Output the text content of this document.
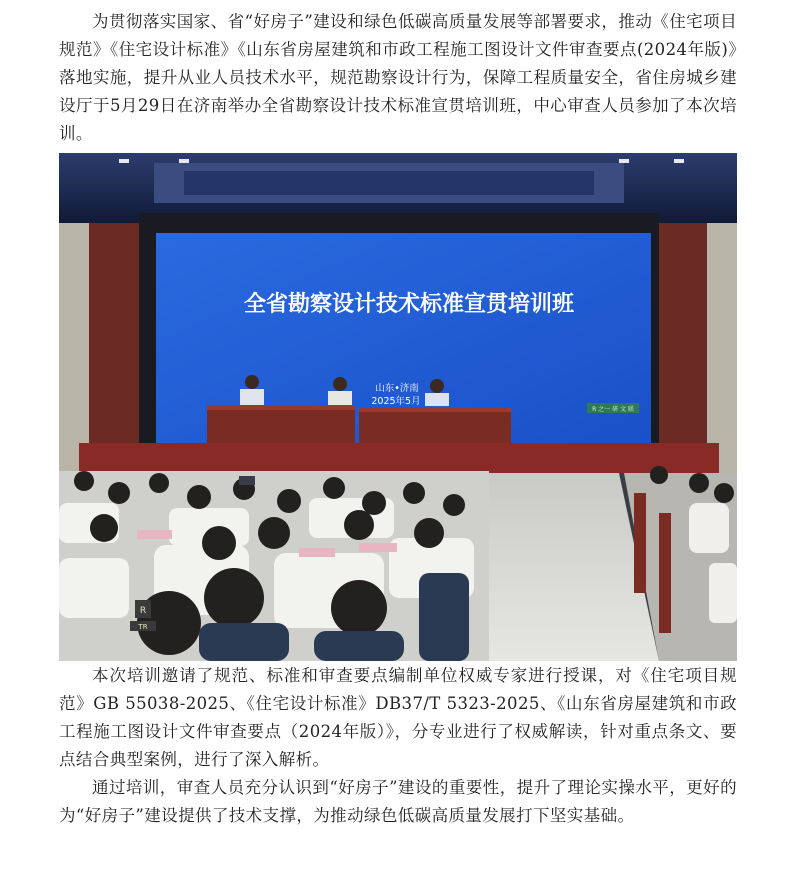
为贯彻落实国家、省“好房子”建设和绿色低碳高质量发展等部署要求，推动《住宅项目规范》《住宅设计标准》《山东省房屋建筑和市政工程施工图设计文件审查要点(2024年版)》落地实施，提升从业人员技术水平，规范勘察设计行为，保障工程质量安全，省住房城乡建设厅于5月29日在济南举办全省勘察设计技术标准宣贯培训班，中心审查人员参加了本次培训。

全省勘察设计技术标准宣贯培训班
山东•济南
2025年5月
R 之一 研 文 联
R
TR

本次培训邀请了规范、标准和审查要点编制单位权威专家进行授课，对《住宅项目规范》GB 55038-2025、《住宅设计标准》DB37/T 5323-2025、《山东省房屋建筑和市政工程施工图设计文件审查要点（2024年版）》，分专业进行了权威解读，针对重点条文、要点结合典型案例，进行了深入解析。

通过培训，审查人员充分认识到“好房子”建设的重要性，提升了理论实操水平，更好的为“好房子”建设提供了技术支撑，为推动绿色低碳高质量发展打下坚实基础。
